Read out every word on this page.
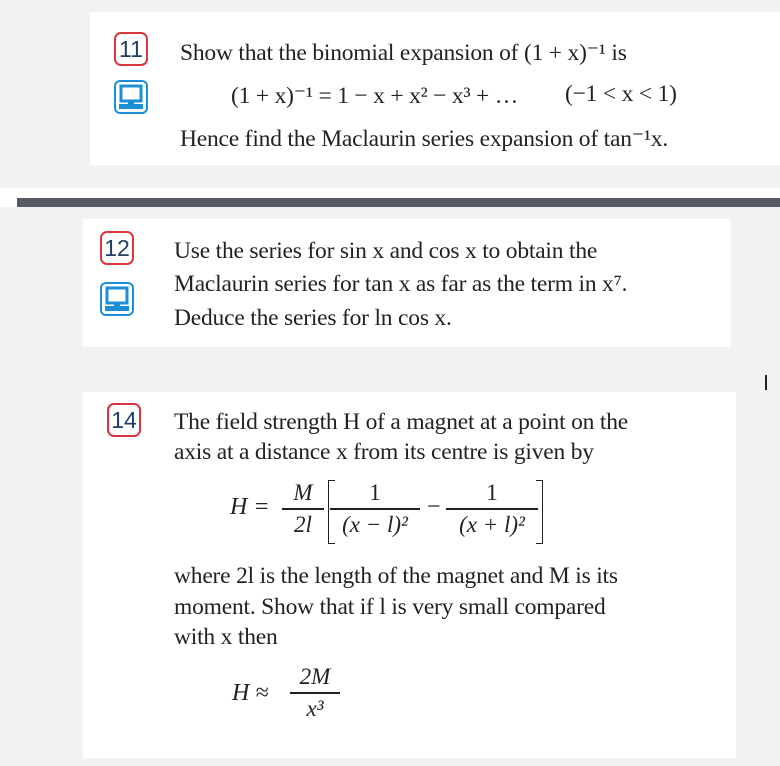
11 Show that the binomial expansion of (1 + x)⁻¹ is
(1 + x)⁻¹ = 1 − x + x² − x³ + … (−1 < x < 1)
Hence find the Maclaurin series expansion of tan⁻¹x.
12 Use the series for sin x and cos x to obtain the
Maclaurin series for tan x as far as the term in x⁷.
Deduce the series for ln cos x.
14 The field strength H of a magnet at a point on the
axis at a distance x from its centre is given by
H =
M
2l
1
(x − l)²
−
1
(x + l)²
where 2l is the length of the magnet and M is its
moment. Show that if l is very small compared
with x then
H ≈
2M
x³
